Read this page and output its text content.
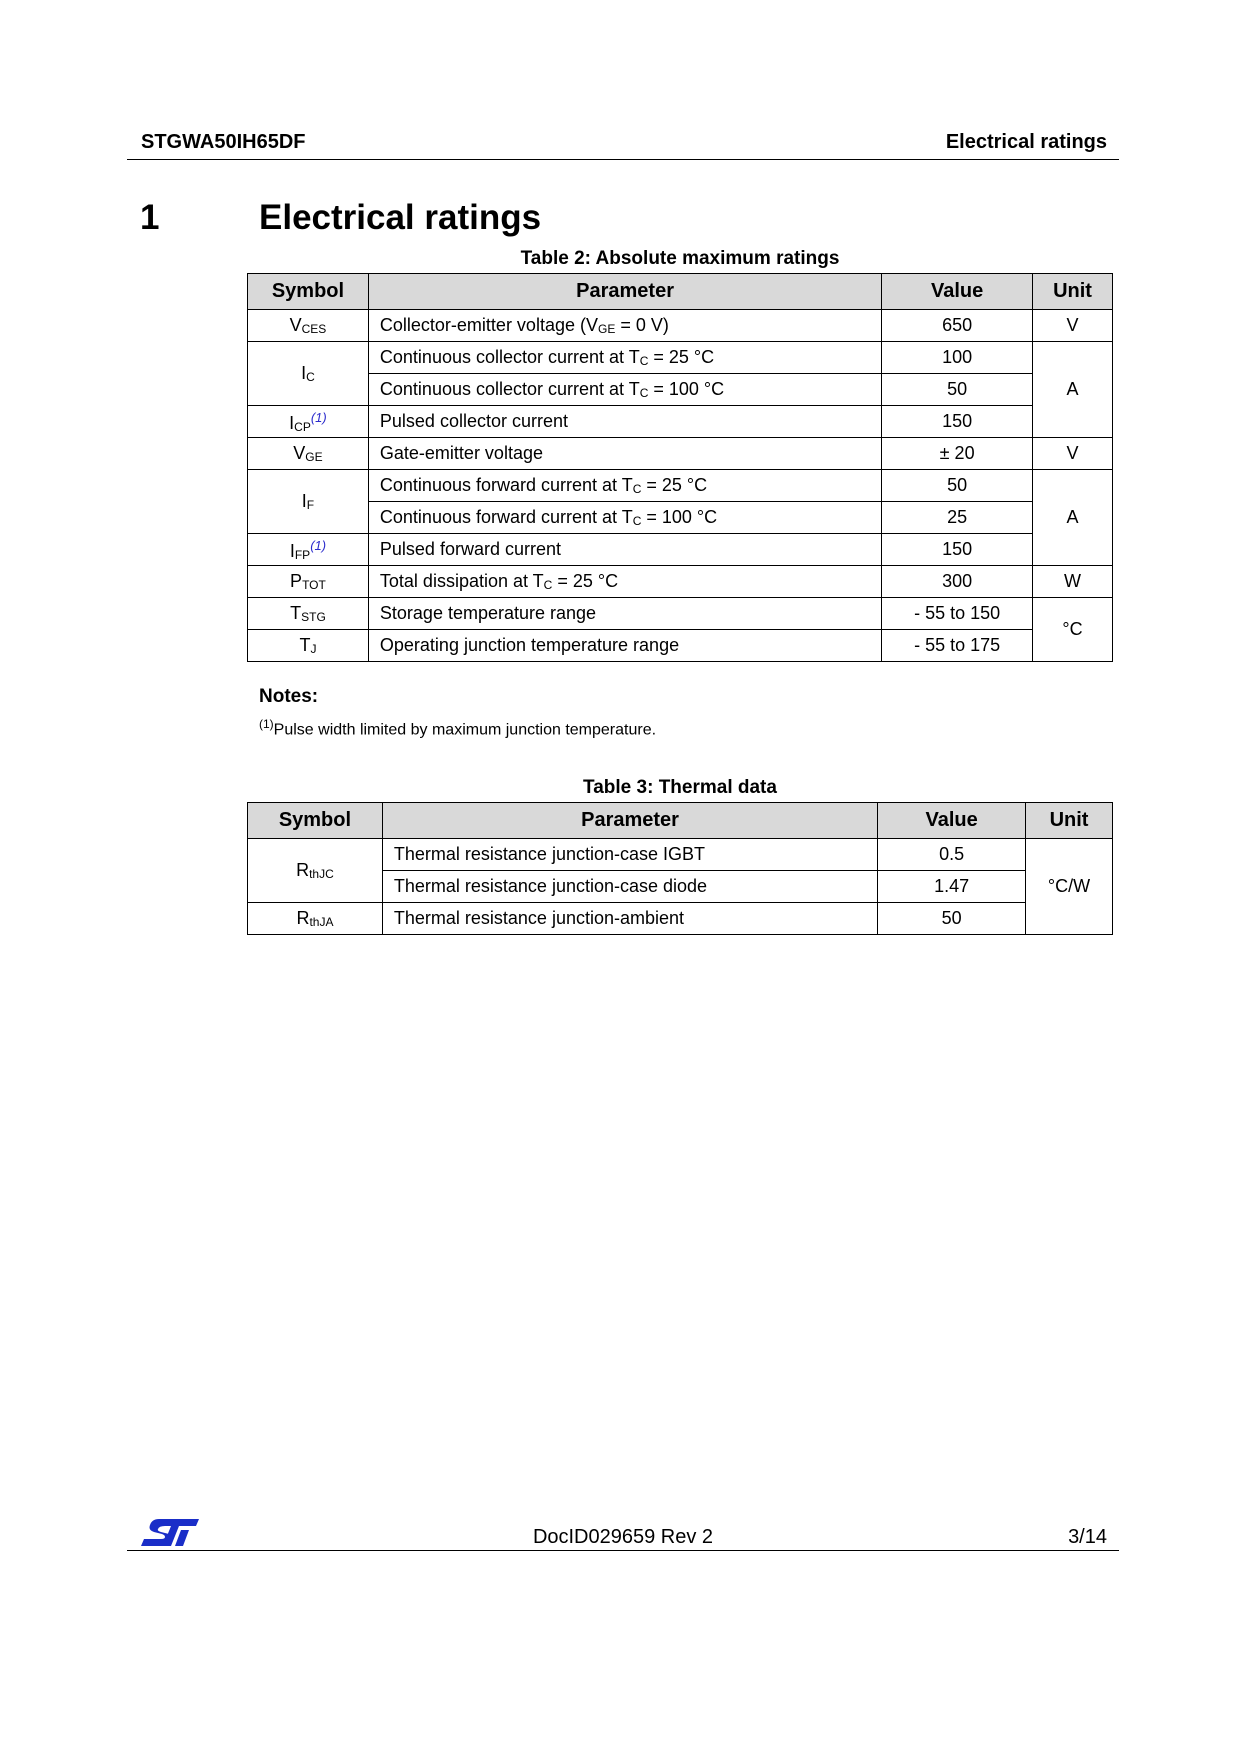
STGWA50IH65DF	Electrical ratings
1	Electrical ratings
Table 2: Absolute maximum ratings
Symbol	Parameter	Value	Unit
$V_{CES}$	Collector-emitter voltage ($V_{GE} = 0$ V)	650	V
$I_C$	Continuous collector current at $T_C = 25$ °C	100	A
	Continuous collector current at $T_C = 100$ °C	50	
$I_{CP}^{(1)}$	Pulsed collector current	150	
$V_{GE}$	Gate-emitter voltage	± 20	V
$I_F$	Continuous forward current at $T_C = 25$ °C	50	A
	Continuous forward current at $T_C = 100$ °C	25	
$I_{FP}^{(1)}$	Pulsed forward current	150	
$P_{TOT}$	Total dissipation at $T_C = 25$ °C	300	W
$T_{STG}$	Storage temperature range	- 55 to 150	°C
$T_J$	Operating junction temperature range	- 55 to 175	
Notes:
$^{(1)}$Pulse width limited by maximum junction temperature.
Table 3: Thermal data
Symbol	Parameter	Value	Unit
$R_{thJC}$	Thermal resistance junction-case IGBT	0.5	°C/W
	Thermal resistance junction-case diode	1.47	
$R_{thJA}$	Thermal resistance junction-ambient	50	
DocID029659 Rev 2	3/14
